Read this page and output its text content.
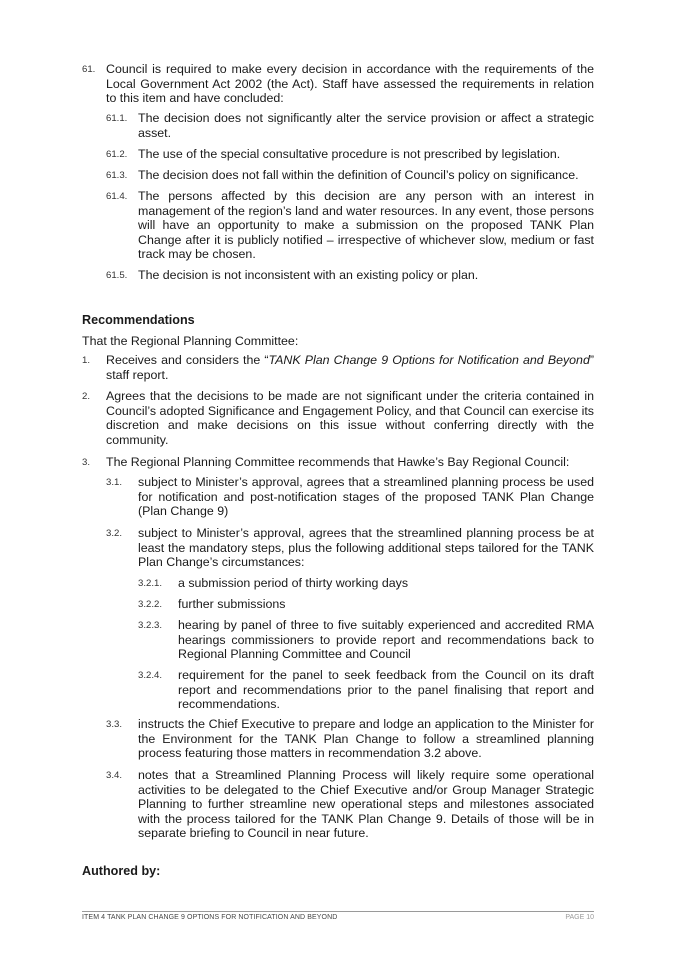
61. Council is required to make every decision in accordance with the requirements of the Local Government Act 2002 (the Act). Staff have assessed the requirements in relation to this item and have concluded:
61.1. The decision does not significantly alter the service provision or affect a strategic asset.
61.2. The use of the special consultative procedure is not prescribed by legislation.
61.3. The decision does not fall within the definition of Council’s policy on significance.
61.4. The persons affected by this decision are any person with an interest in management of the region’s land and water resources. In any event, those persons will have an opportunity to make a submission on the proposed TANK Plan Change after it is publicly notified – irrespective of whichever slow, medium or fast track may be chosen.
61.5. The decision is not inconsistent with an existing policy or plan.
Recommendations
That the Regional Planning Committee:
1. Receives and considers the “TANK Plan Change 9 Options for Notification and Beyond” staff report.
2. Agrees that the decisions to be made are not significant under the criteria contained in Council’s adopted Significance and Engagement Policy, and that Council can exercise its discretion and make decisions on this issue without conferring directly with the community.
3. The Regional Planning Committee recommends that Hawke’s Bay Regional Council:
3.1. subject to Minister’s approval, agrees that a streamlined planning process be used for notification and post-notification stages of the proposed TANK Plan Change (Plan Change 9)
3.2. subject to Minister’s approval, agrees that the streamlined planning process be at least the mandatory steps, plus the following additional steps tailored for the TANK Plan Change’s circumstances:
3.2.1. a submission period of thirty working days
3.2.2. further submissions
3.2.3. hearing by panel of three to five suitably experienced and accredited RMA hearings commissioners to provide report and recommendations back to Regional Planning Committee and Council
3.2.4. requirement for the panel to seek feedback from the Council on its draft report and recommendations prior to the panel finalising that report and recommendations.
3.3. instructs the Chief Executive to prepare and lodge an application to the Minister for the Environment for the TANK Plan Change to follow a streamlined planning process featuring those matters in recommendation 3.2 above.
3.4. notes that a Streamlined Planning Process will likely require some operational activities to be delegated to the Chief Executive and/or Group Manager Strategic Planning to further streamline new operational steps and milestones associated with the process tailored for the TANK Plan Change 9. Details of those will be in separate briefing to Council in near future.
Authored by:
ITEM 4 TANK PLAN CHANGE 9 OPTIONS FOR NOTIFICATION AND BEYOND	PAGE 10
